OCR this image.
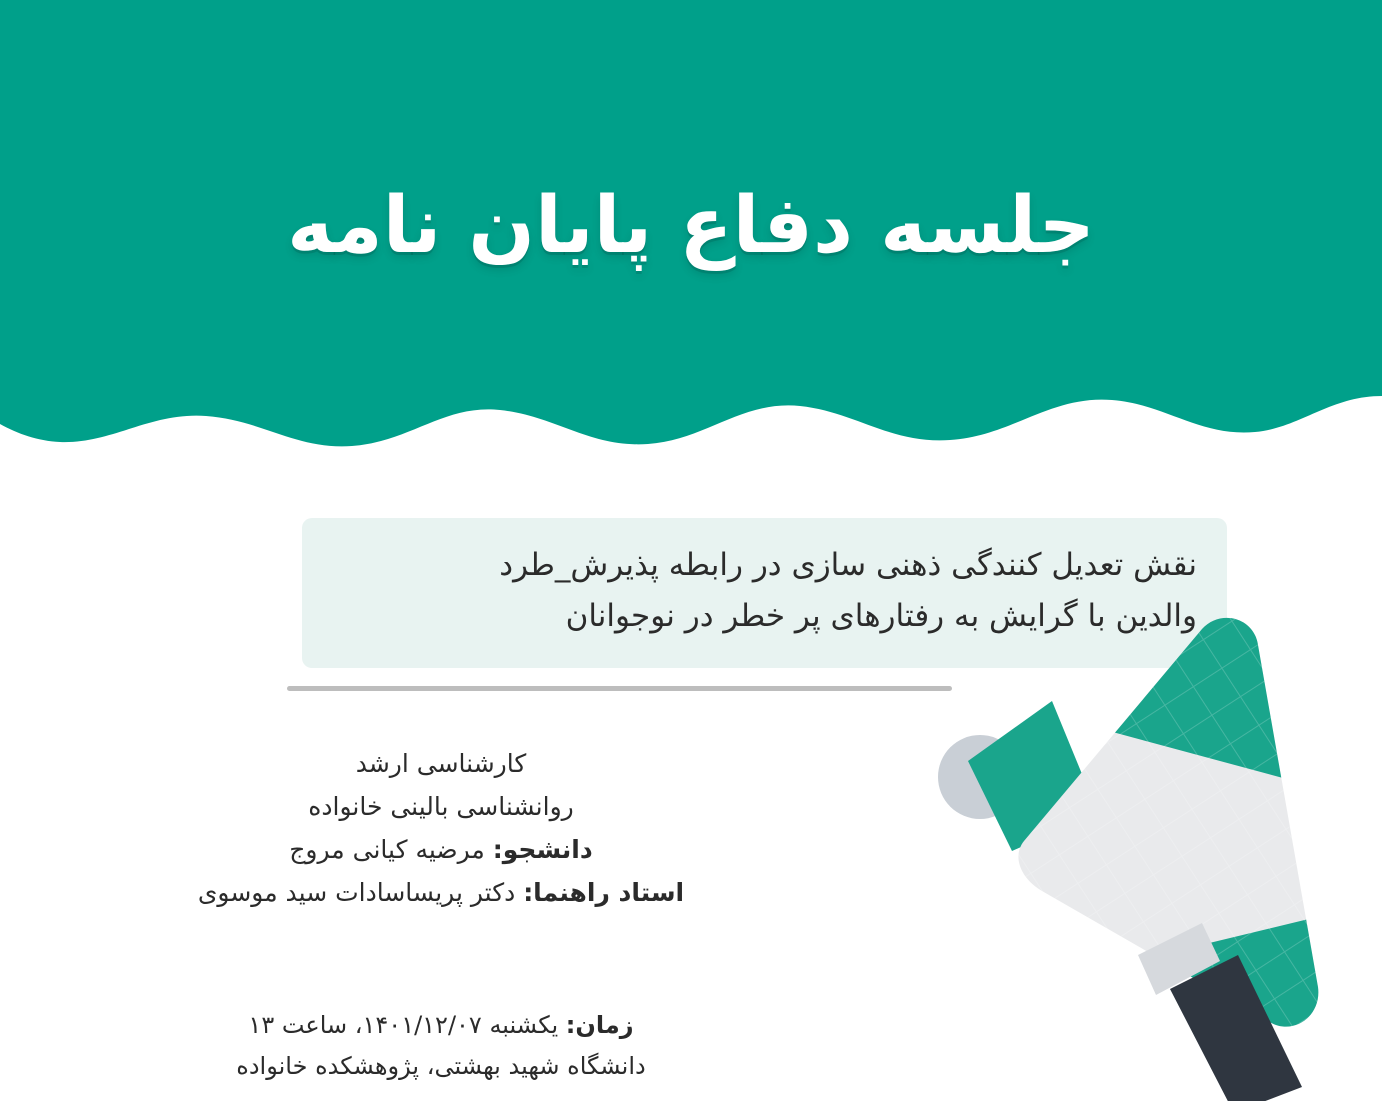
جلسه دفاع پایان نامه
نقش تعدیل کنندگی ذهنی سازی در رابطه پذیرش_طرد
والدین با گرایش به رفتارهای پر خطر در نوجوانان
کارشناسی ارشد
روانشناسی بالینی خانواده
دانشجو: مرضیه کیانی مروج
استاد راهنما: دکتر پریساسادات سید موسوی
زمان: یکشنبه ۱۴۰۱/۱۲/۰۷، ساعت ۱۳
دانشگاه شهید بهشتی، پژوهشکده خانواده
